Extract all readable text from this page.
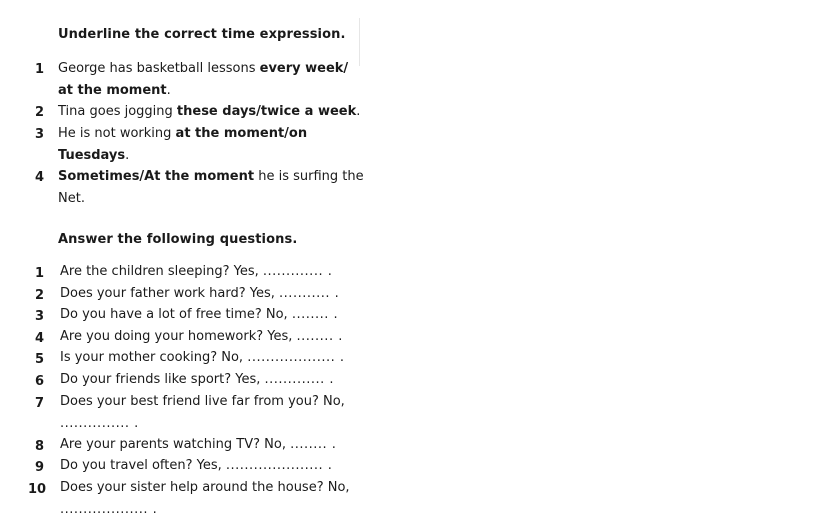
Underline the correct time expression.
1 George has basketball lessons every week/
at the moment.
2 Tina goes jogging these days/twice a week.
3 He is not working at the moment/on
Tuesdays.
4 Sometimes/At the moment he is surfing the
Net.
Answer the following questions.
1 Are the children sleeping? Yes, ............. .
2 Does your father work hard? Yes, ........... .
3 Do you have a lot of free time? No, ........ .
4 Are you doing your homework? Yes, ........ .
5 Is your mother cooking? No, ................... .
6 Do your friends like sport? Yes, ............. .
7 Does your best friend live far from you? No,
............... .
8 Are your parents watching TV? No, ........ .
9 Do you travel often? Yes, ..................... .
10 Does your sister help around the house? No,
................... .
